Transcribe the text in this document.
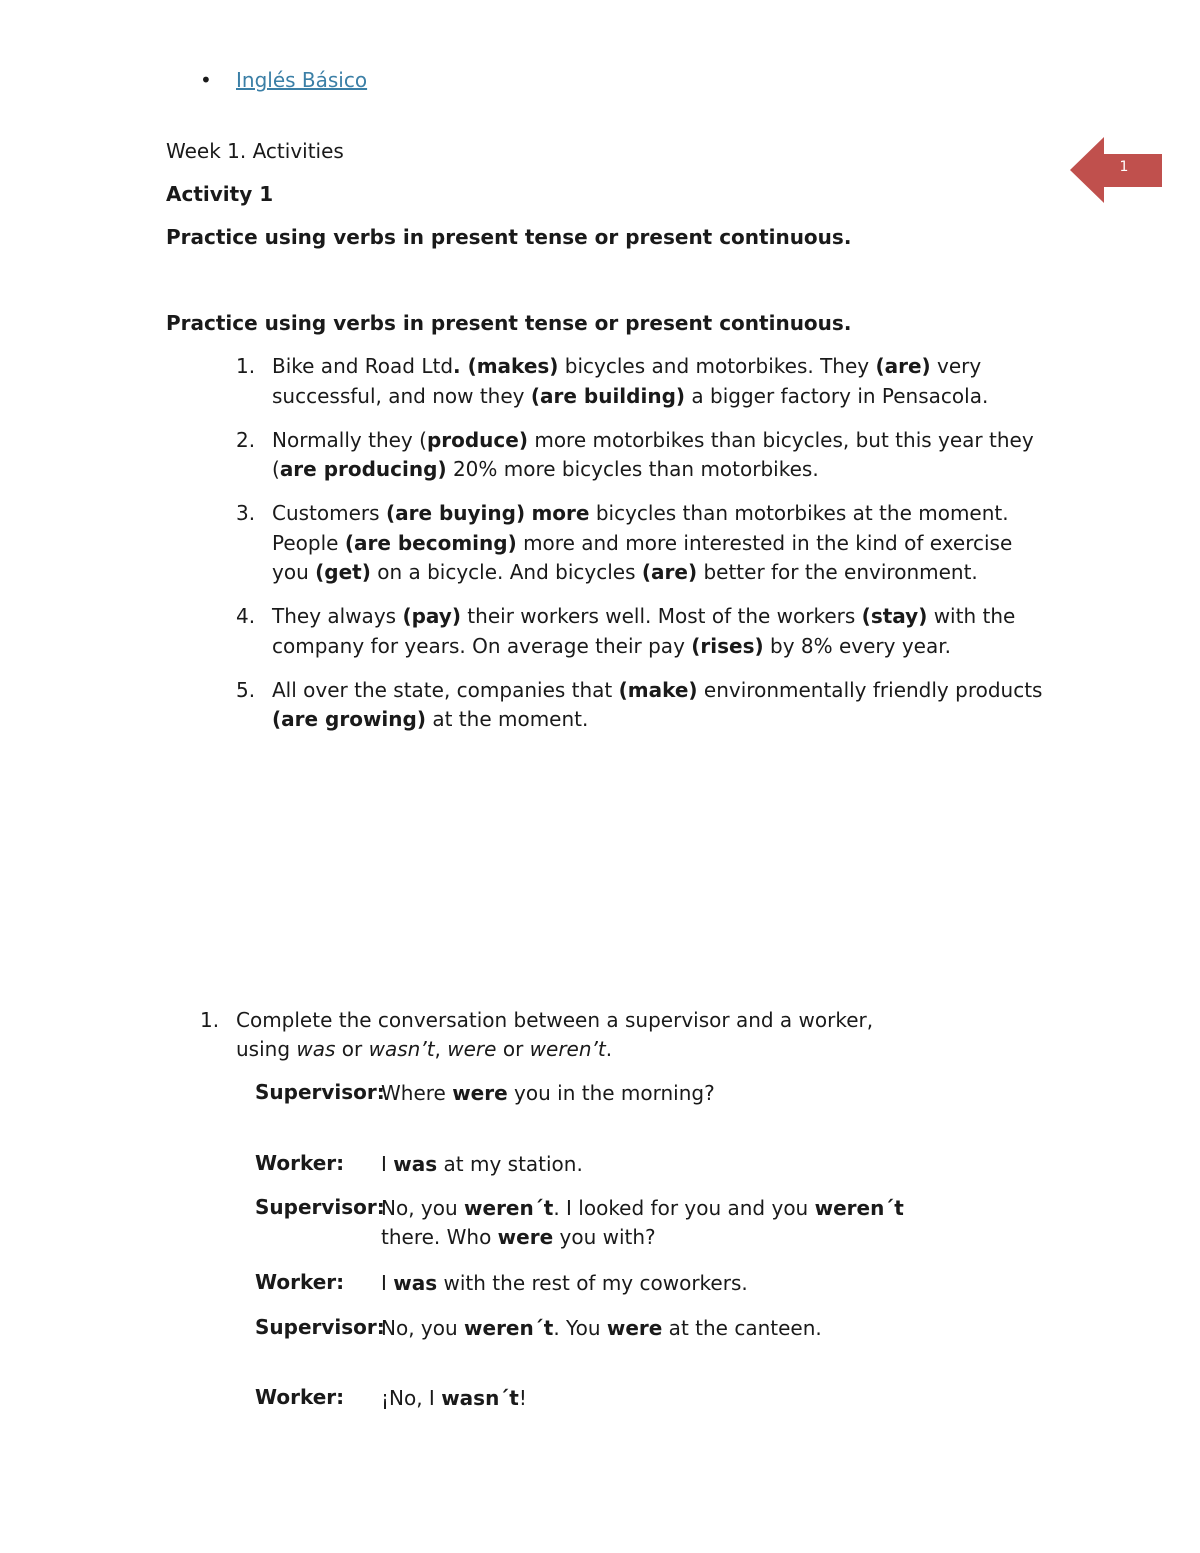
• Inglés Básico
1
Week 1. Activities
Activity 1
Practice using verbs in present tense or present continuous.
Practice using verbs in present tense or present continuous.
1. Bike and Road Ltd. (makes) bicycles and motorbikes. They (are) very successful, and now they (are building) a bigger factory in Pensacola.
2. Normally they (produce) more motorbikes than bicycles, but this year they (are producing) 20% more bicycles than motorbikes.
3. Customers (are buying) more bicycles than motorbikes at the moment. People (are becoming) more and more interested in the kind of exercise you (get) on a bicycle. And bicycles (are) better for the environment.
4. They always (pay) their workers well. Most of the workers (stay) with the company for years. On average their pay (rises) by 8% every year.
5. All over the state, companies that (make) environmentally friendly products (are growing) at the moment.
1. Complete the conversation between a supervisor and a worker,
using was or wasn’t, were or weren’t.
Supervisor:
Where were you in the morning?
Worker:	I was at my station.
Supervisor:
No, you weren´t. I looked for you and you weren´t there. Who were you with?
Worker:	I was with the rest of my coworkers.
Supervisor:
No, you weren´t. You were at the canteen.
Worker:	¡No, I wasn´t!
